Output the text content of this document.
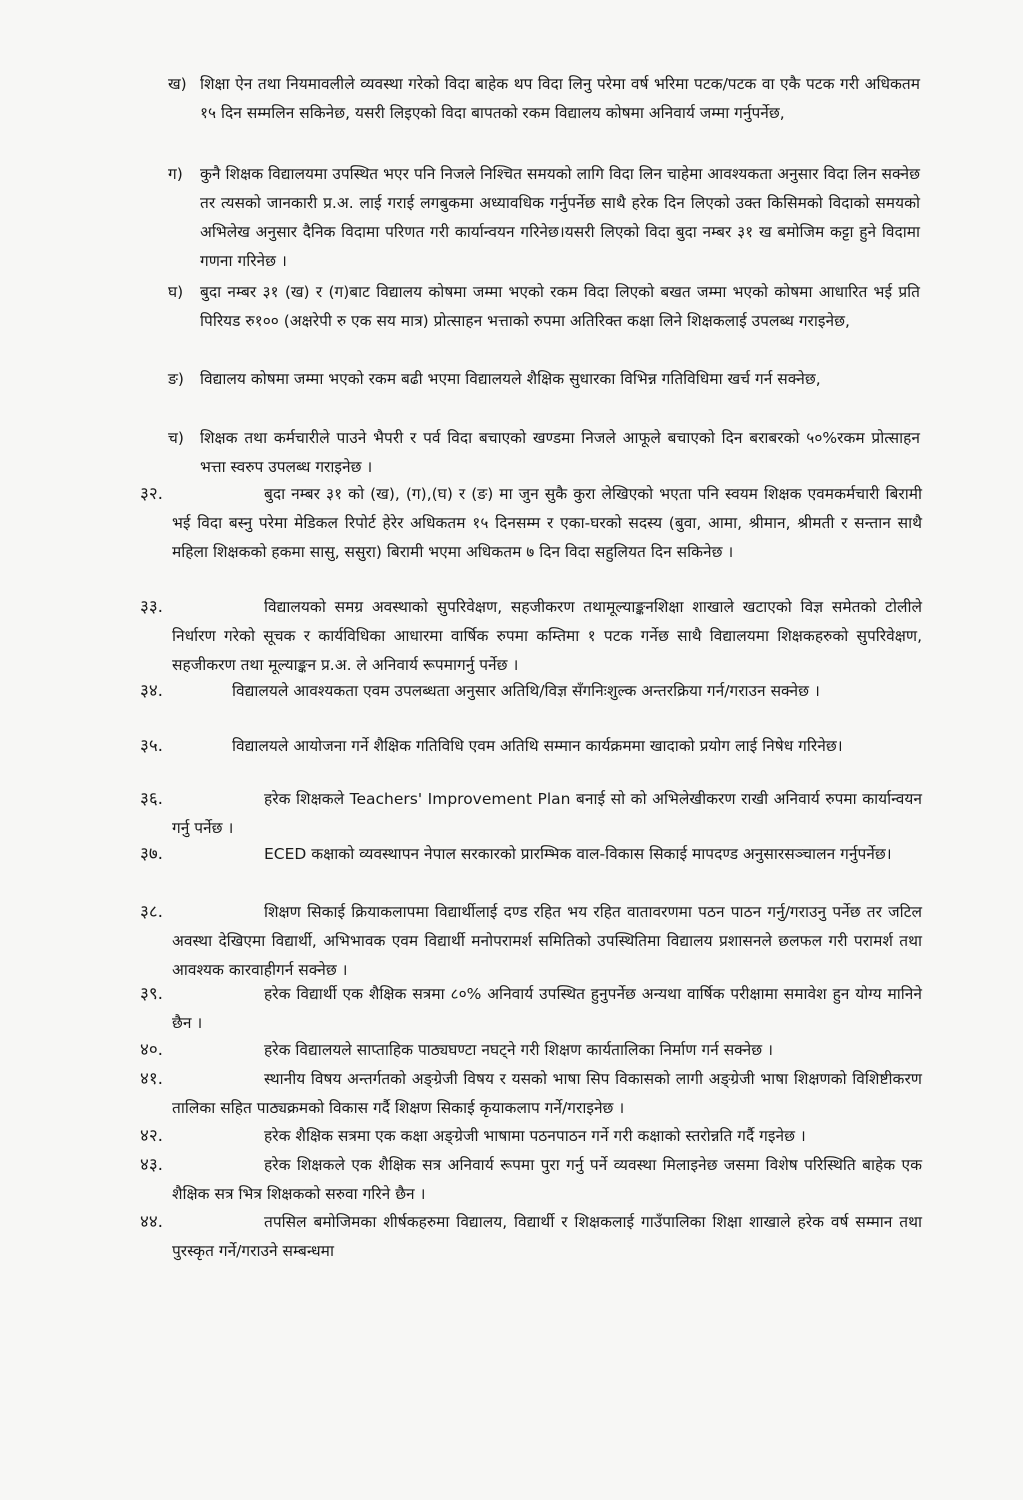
ख) शिक्षा ऐन तथा नियमावलीले व्यवस्था गरेको विदा बाहेक थप विदा लिनु परेमा वर्ष भरिमा पटक/पटक वा एकै पटक गरी अधिकतम १५ दिन सम्मलिन सकिनेछ, यसरी लिइएको विदा बापतको रकम विद्यालय कोषमा अनिवार्य जम्मा गर्नुपर्नेछ,
ग)	कुनै शिक्षक विद्यालयमा उपस्थित भएर पनि निजले निश्चित समयको लागि विदा लिन चाहेमा आवश्यकता अनुसार विदा लिन सक्नेछ तर त्यसको जानकारी प्र.अ. लाई गराई लगबुकमा अध्यावधिक गर्नुपर्नेछ साथै हरेक दिन लिएको उक्त किसिमको विदाको समयको अभिलेख अनुसार दैनिक विदामा परिणत गरी कार्यान्वयन गरिनेछ।यसरी लिएको विदा बुदा नम्बर ३१ ख बमोजिम कट्टा हुने विदामा गणना गरिनेछ ।
घ)	बुदा नम्बर ३१ (ख) र (ग)बाट विद्यालय कोषमा जम्मा भएको रकम विदा लिएको बखत जम्मा भएको कोषमा आधारित भई प्रति पिरियड रु१०० (अक्षरेपी रु एक सय मात्र) प्रोत्साहन भत्ताको रुपमा अतिरिक्त कक्षा लिने शिक्षकलाई उपलब्ध गराइनेछ,
ङ)	विद्यालय कोषमा जम्मा भएको रकम बढी भएमा विद्यालयले शैक्षिक सुधारका विभिन्न गतिविधिमा खर्च गर्न सक्नेछ,
च)	शिक्षक तथा कर्मचारीले पाउने भैपरी र पर्व विदा बचाएको खण्डमा निजले आफूले बचाएको दिन बराबरको ५०%रकम प्रोत्साहन भत्ता स्वरुप उपलब्ध गराइनेछ ।
३२.	बुदा नम्बर ३१ को (ख), (ग),(घ) र (ङ) मा जुन सुकै कुरा लेखिएको भएता पनि स्वयम शिक्षक एवमकर्मचारी बिरामी भई विदा बस्नु परेमा मेडिकल रिपोर्ट हेरेर अधिकतम १५ दिनसम्म र एका-घरको सदस्य (बुवा, आमा, श्रीमान, श्रीमती र सन्तान साथै महिला शिक्षकको हकमा सासु, ससुरा) बिरामी भएमा अधिकतम ७ दिन विदा सहुलियत दिन सकिनेछ ।
३३.	विद्यालयको समग्र अवस्थाको सुपरिवेक्षण, सहजीकरण तथामूल्याङ्कनशिक्षा शाखाले खटाएको विज्ञ समेतको टोलीले निर्धारण गरेको सूचक र कार्यविधिका आधारमा वार्षिक रुपमा कम्तिमा १ पटक गर्नेछ साथै विद्यालयमा शिक्षकहरुको सुपरिवेक्षण, सहजीकरण तथा मूल्याङ्कन प्र.अ. ले अनिवार्य रूपमागर्नु पर्नेछ ।
३४.	विद्यालयले आवश्यकता एवम उपलब्धता अनुसार अतिथि/विज्ञ सँगनिःशुल्क अन्तरक्रिया गर्न/गराउन सक्नेछ ।
३५.	विद्यालयले आयोजना गर्ने शैक्षिक गतिविधि एवम अतिथि सम्मान कार्यक्रममा खादाको प्रयोग लाई निषेध गरिनेछ।
३६.	हरेक शिक्षकले Teachers' Improvement Plan बनाई सो को अभिलेखीकरण राखी अनिवार्य रुपमा कार्यान्वयन गर्नु पर्नेछ ।
३७.	ECED कक्षाको व्यवस्थापन नेपाल सरकारको प्रारम्भिक वाल-विकास सिकाई मापदण्ड अनुसारसञ्चालन गर्नुपर्नेछ।
३८.	शिक्षण सिकाई क्रियाकलापमा विद्यार्थीलाई दण्ड रहित भय रहित वातावरणमा पठन पाठन गर्नु/गराउनु पर्नेछ तर जटिल अवस्था देखिएमा विद्यार्थी, अभिभावक एवम विद्यार्थी मनोपरामर्श समितिको उपस्थितिमा विद्यालय प्रशासनले छलफल गरी परामर्श तथा आवश्यक कारवाहीगर्न सक्नेछ ।
३९.	हरेक विद्यार्थी एक शैक्षिक सत्रमा ८०% अनिवार्य उपस्थित हुनुपर्नेछ अन्यथा वार्षिक परीक्षामा समावेश हुन योग्य मानिने छैन ।
४०.	हरेक विद्यालयले साप्ताहिक पाठ्यघण्टा नघट्ने गरी शिक्षण कार्यतालिका निर्माण गर्न सक्नेछ ।
४१.	स्थानीय विषय अन्तर्गतको अङ्ग्रेजी विषय र यसको भाषा सिप विकासको लागी अङ्ग्रेजी भाषा शिक्षणको विशिष्टीकरण तालिका सहित पाठ्यक्रमको विकास गर्दै शिक्षण सिकाई कृयाकलाप गर्ने/गराइनेछ ।
४२.	हरेक शैक्षिक सत्रमा एक कक्षा अङ्ग्रेजी भाषामा पठनपाठन गर्ने गरी कक्षाको स्तरोन्नति गर्दै गइनेछ ।
४३.	हरेक शिक्षकले एक शैक्षिक सत्र अनिवार्य रूपमा पुरा गर्नु पर्ने व्यवस्था मिलाइनेछ जसमा विशेष परिस्थिति बाहेक एक शैक्षिक सत्र भित्र शिक्षकको सरुवा गरिने छैन ।
४४.	तपसिल बमोजिमका शीर्षकहरुमा विद्यालय, विद्यार्थी र शिक्षकलाई गाउँपालिका शिक्षा शाखाले हरेक वर्ष सम्मान तथा पुरस्कृत गर्ने/गराउने सम्बन्धमा
